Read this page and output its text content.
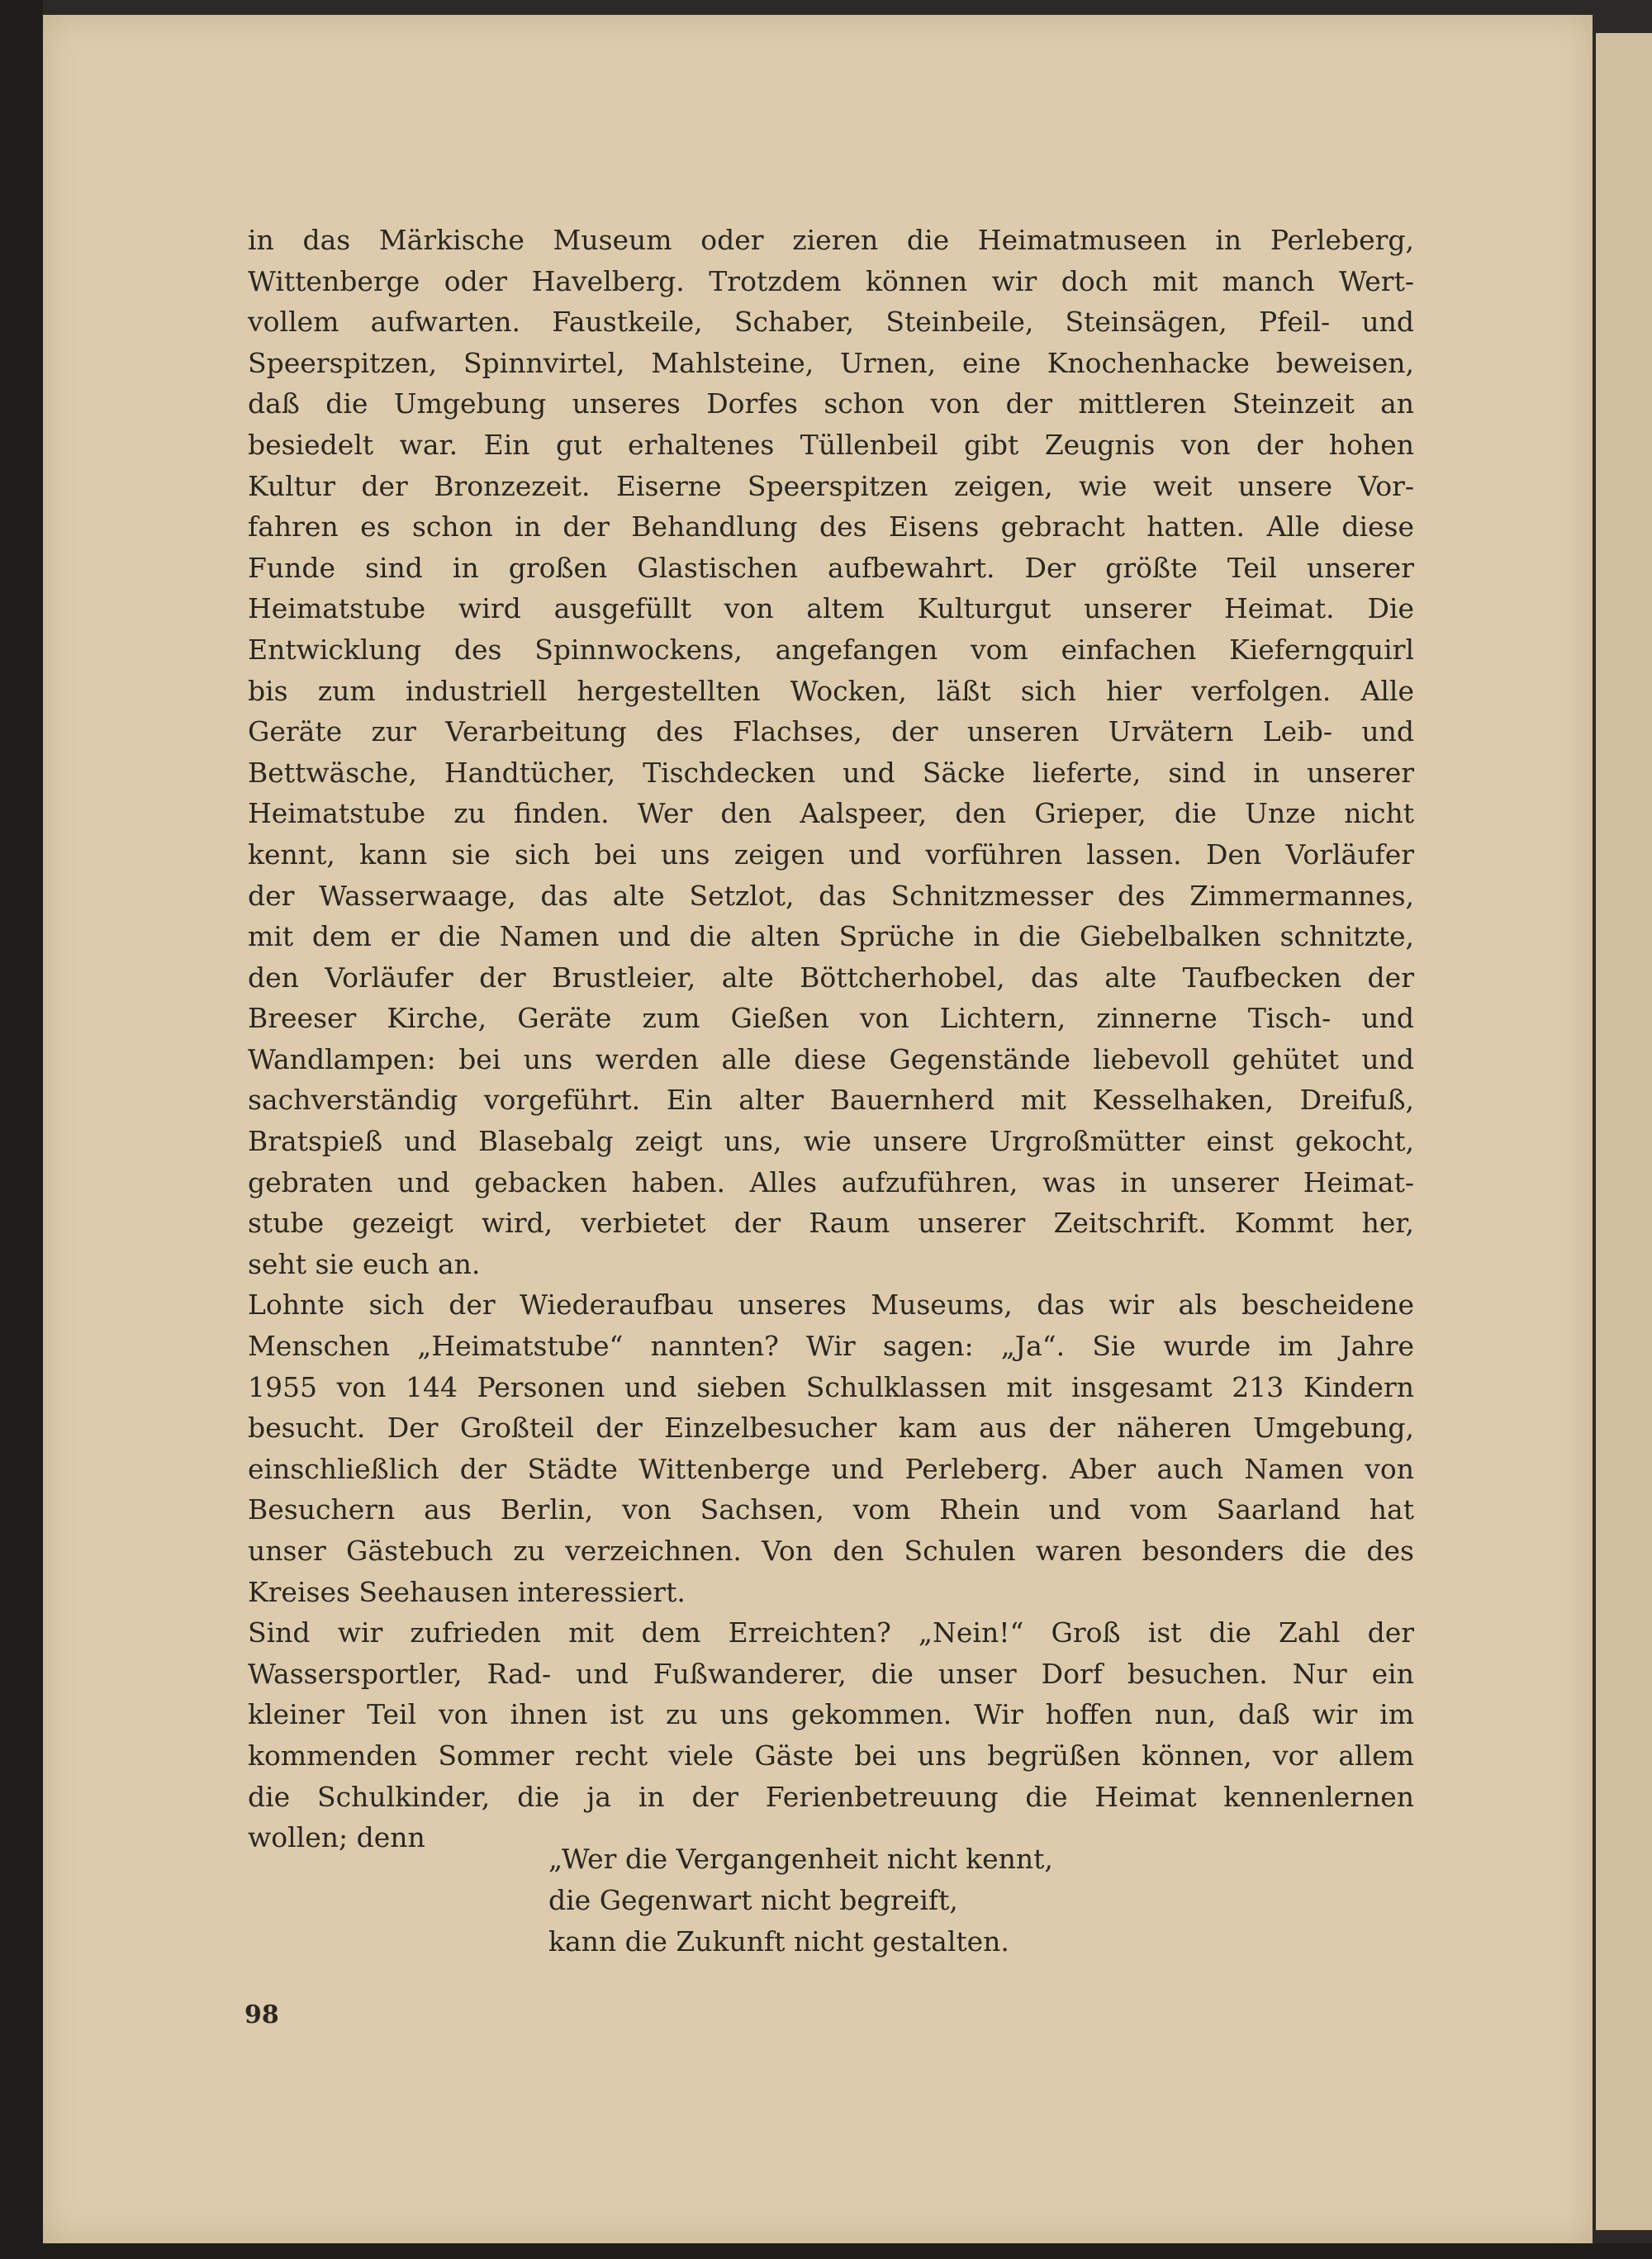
in das Märkische Museum oder zieren die Heimatmuseen in Perleberg,
Wittenberge oder Havelberg. Trotzdem können wir doch mit manch Wert-
vollem aufwarten. Faustkeile, Schaber, Steinbeile, Steinsägen, Pfeil- und
Speerspitzen, Spinnvirtel, Mahlsteine, Urnen, eine Knochenhacke beweisen,
daß die Umgebung unseres Dorfes schon von der mittleren Steinzeit an
besiedelt war. Ein gut erhaltenes Tüllenbeil gibt Zeugnis von der hohen
Kultur der Bronzezeit. Eiserne Speerspitzen zeigen, wie weit unsere Vor-
fahren es schon in der Behandlung des Eisens gebracht hatten. Alle diese
Funde sind in großen Glastischen aufbewahrt. Der größte Teil unserer
Heimatstube wird ausgefüllt von altem Kulturgut unserer Heimat. Die
Entwicklung des Spinnwockens, angefangen vom einfachen Kieferngquirl
bis zum industriell hergestellten Wocken, läßt sich hier verfolgen. Alle
Geräte zur Verarbeitung des Flachses, der unseren Urvätern Leib- und
Bettwäsche, Handtücher, Tischdecken und Säcke lieferte, sind in unserer
Heimatstube zu finden. Wer den Aalspeer, den Grieper, die Unze nicht
kennt, kann sie sich bei uns zeigen und vorführen lassen. Den Vorläufer
der Wasserwaage, das alte Setzlot, das Schnitzmesser des Zimmermannes,
mit dem er die Namen und die alten Sprüche in die Giebelbalken schnitzte,
den Vorläufer der Brustleier, alte Böttcherhobel, das alte Taufbecken der
Breeser Kirche, Geräte zum Gießen von Lichtern, zinnerne Tisch- und
Wandlampen: bei uns werden alle diese Gegenstände liebevoll gehütet und
sachverständig vorgeführt. Ein alter Bauernherd mit Kesselhaken, Dreifuß,
Bratspieß und Blasebalg zeigt uns, wie unsere Urgroßmütter einst gekocht,
gebraten und gebacken haben. Alles aufzuführen, was in unserer Heimat-
stube gezeigt wird, verbietet der Raum unserer Zeitschrift. Kommt her,
seht sie euch an.
Lohnte sich der Wiederaufbau unseres Museums, das wir als bescheidene
Menschen „Heimatstube“ nannten? Wir sagen: „Ja“. Sie wurde im Jahre
1955 von 144 Personen und sieben Schulklassen mit insgesamt 213 Kindern
besucht. Der Großteil der Einzelbesucher kam aus der näheren Umgebung,
einschließlich der Städte Wittenberge und Perleberg. Aber auch Namen von
Besuchern aus Berlin, von Sachsen, vom Rhein und vom Saarland hat
unser Gästebuch zu verzeichnen. Von den Schulen waren besonders die des
Kreises Seehausen interessiert.
Sind wir zufrieden mit dem Erreichten? „Nein!“ Groß ist die Zahl der
Wassersportler, Rad- und Fußwanderer, die unser Dorf besuchen. Nur ein
kleiner Teil von ihnen ist zu uns gekommen. Wir hoffen nun, daß wir im
kommenden Sommer recht viele Gäste bei uns begrüßen können, vor allem
die Schulkinder, die ja in der Ferienbetreuung die Heimat kennenlernen
wollen; denn
„Wer die Vergangenheit nicht kennt,
die Gegenwart nicht begreift,
kann die Zukunft nicht gestalten.
98
